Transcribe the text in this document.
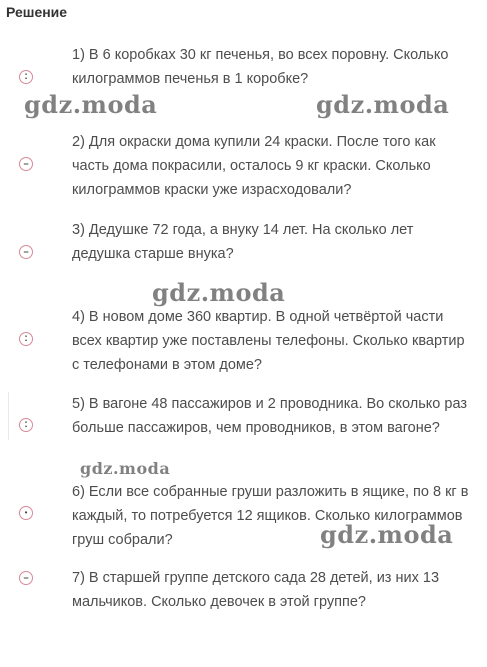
Решение
:

1) В 6 коробках 30 кг печенья, во всех поровну. Сколько килограммов печенья в 1 коробке?

−

2) Для окраски дома купили 24 краски. После того как часть дома покрасили, осталось 9 кг краски. Сколько килограммов краски уже израсходовали?

−

3) Дедушке 72 года, а внуку 14 лет. На сколько лет дедушка старше внука?

:

4) В новом доме 360 квартир. В одной четвёртой части всех квартир уже поставлены телефоны. Сколько квартир с телефонами в этом доме?

:

5) В вагоне 48 пассажиров и 2 проводника. Во сколько раз больше пассажиров, чем проводников, в этом вагоне?

•

6) Если все собранные груши разложить в ящике, по 8 кг в каждый, то потребуется 12 ящиков. Сколько килограммов груш собрали?

−

7) В старшей группе детского сада 28 детей, из них 13 мальчиков. Сколько девочек в этой группе?

gdz.moda	gdz.moda
gdz.moda
gdz.moda
gdz.moda
